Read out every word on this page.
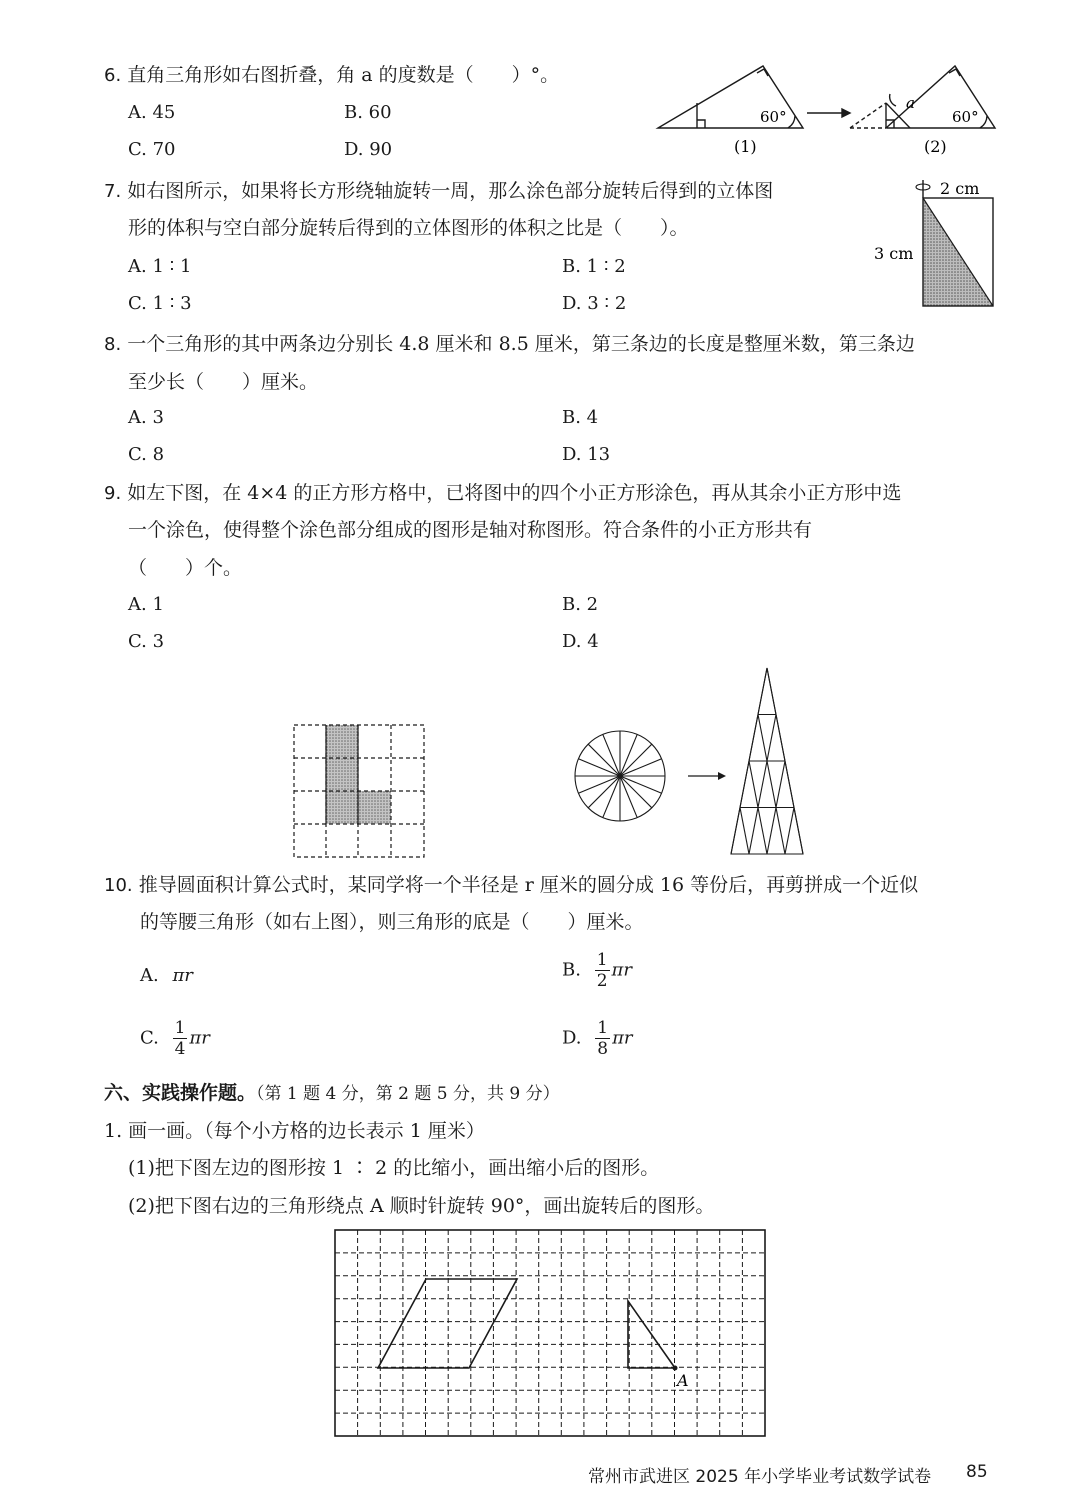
6. 直角三角形如右图折叠，角 a 的度数是（　　）°。
A. 45	B. 60
C. 70	D. 90
60°	60°
a
(1)	(2)
7. 如右图所示，如果将长方形绕轴旋转一周，那么涂色部分旋转后得到的立体图
形的体积与空白部分旋转后得到的立体图形的体积之比是（　　）。
A. 1 ∶ 1	B. 1 ∶ 2
C. 1 ∶ 3	D. 3 ∶ 2
2 cm
3 cm
8. 一个三角形的其中两条边分别长 4.8 厘米和 8.5 厘米，第三条边的长度是整厘米数，第三条边
至少长（　　）厘米。
A. 3	B. 4
C. 8	D. 13
9. 如左下图，在 4×4 的正方形方格中，已将图中的四个小正方形涂色，再从其余小正方形中选
一个涂色，使得整个涂色部分组成的图形是轴对称图形。符合条件的小正方形共有
（　　）个。
A. 1	B. 2
C. 3	D. 4
10. 推导圆面积计算公式时，某同学将一个半径是 r 厘米的圆分成 16 等份后，再剪拼成一个近似
的等腰三角形（如右上图），则三角形的底是（　　）厘米。
A. πr	B. $\frac{1}{2}$ πr
C. $\frac{1}{4}$ πr	D. $\frac{1}{8}$ πr
六、实践操作题。（第 1 题 4 分，第 2 题 5 分，共 9 分）
1. 画一画。（每个小方格的边长表示 1 厘米）
(1)把下图左边的图形按 1 ∶ 2 的比缩小，画出缩小后的图形。
(2)把下图右边的三角形绕点 A 顺时针旋转 90°，画出旋转后的图形。
A
常州市武进区 2025 年小学毕业考试数学试卷 85
